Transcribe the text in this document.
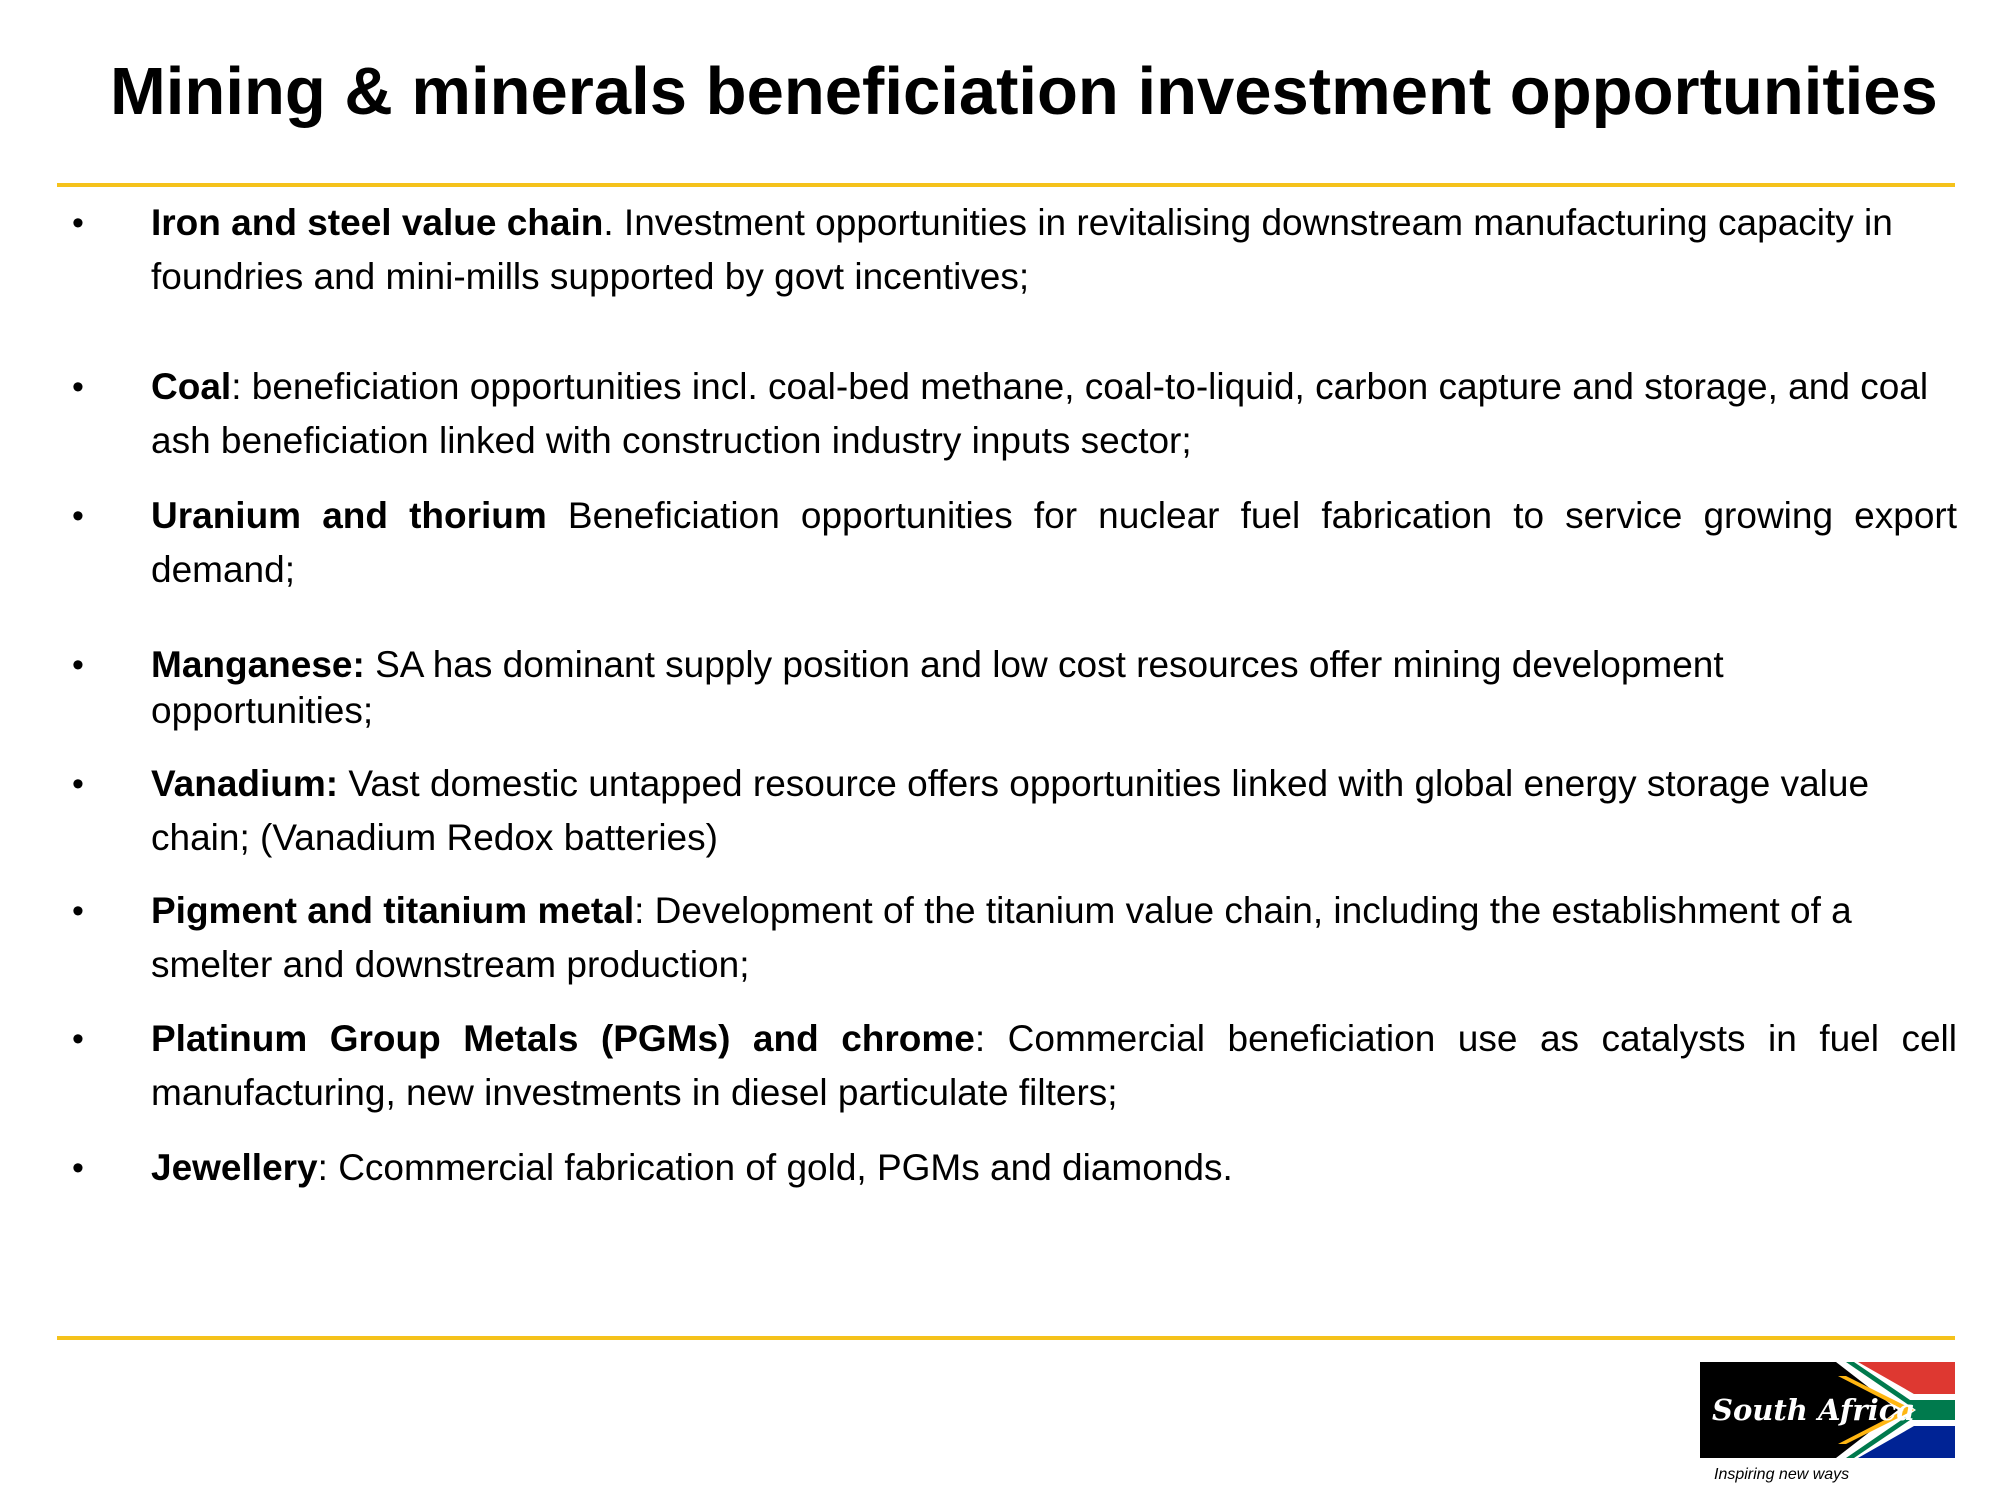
Mining & minerals beneficiation investment opportunities
• Iron and steel value chain. Investment opportunities in revitalising downstream manufacturing capacity in foundries and mini-mills supported by govt incentives;

• Coal: beneficiation opportunities incl. coal-bed methane, coal-to-liquid, carbon capture and storage, and coal ash beneficiation linked with construction industry inputs sector;

• Uranium and thorium Beneficiation opportunities for nuclear fuel fabrication to service growing export demand;

• Manganese: SA has dominant supply position and low cost resources offer mining development opportunities;

• Vanadium: Vast domestic untapped resource offers opportunities linked with global energy storage value chain; (Vanadium Redox batteries)

• Pigment and titanium metal: Development of the titanium value chain, including the establishment of a smelter and downstream production;

• Platinum Group Metals (PGMs) and chrome: Commercial beneficiation use as catalysts in fuel cell manufacturing, new investments in diesel particulate filters;

• Jewellery: Ccommercial fabrication of gold, PGMs and diamonds.

South Africa
Inspiring new ways
